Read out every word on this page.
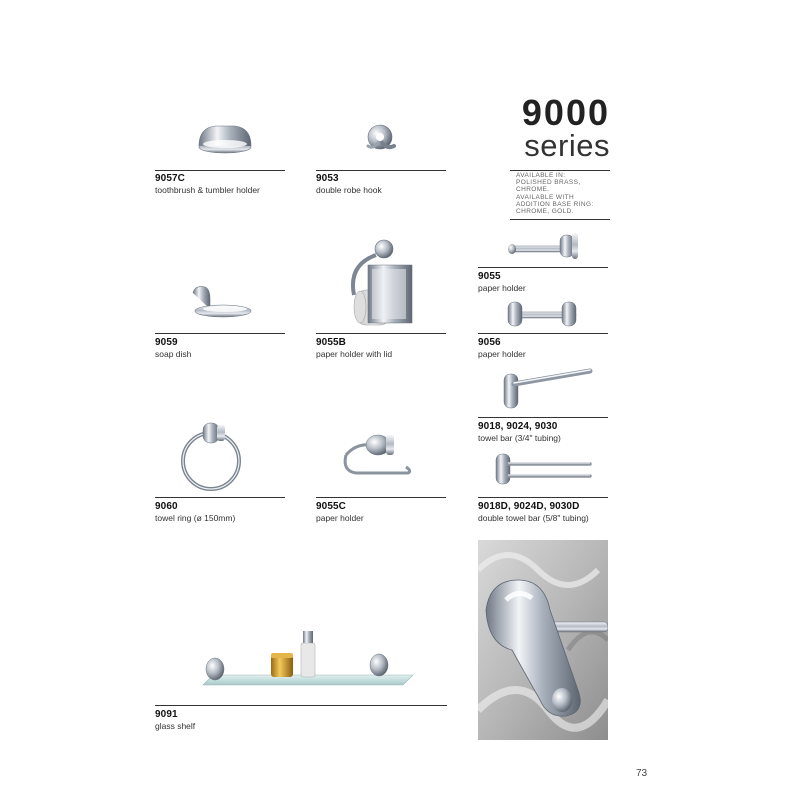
9000
series
AVAILABLE IN:
POLISHED BRASS,
CHROME.
AVAILABLE WITH
ADDITION BASE RING:
CHROME, GOLD.
9057C
toothbrush & tumbler holder
9053
double robe hook
9059
soap dish
9055B
paper holder with lid
9055
paper holder
9056
paper holder
9018, 9024, 9030
towel bar (3/4" tubing)
9060
towel ring (ø 150mm)
9055C
paper holder
9018D, 9024D, 9030D
double towel bar (5/8" tubing)
9091
glass shelf
73
